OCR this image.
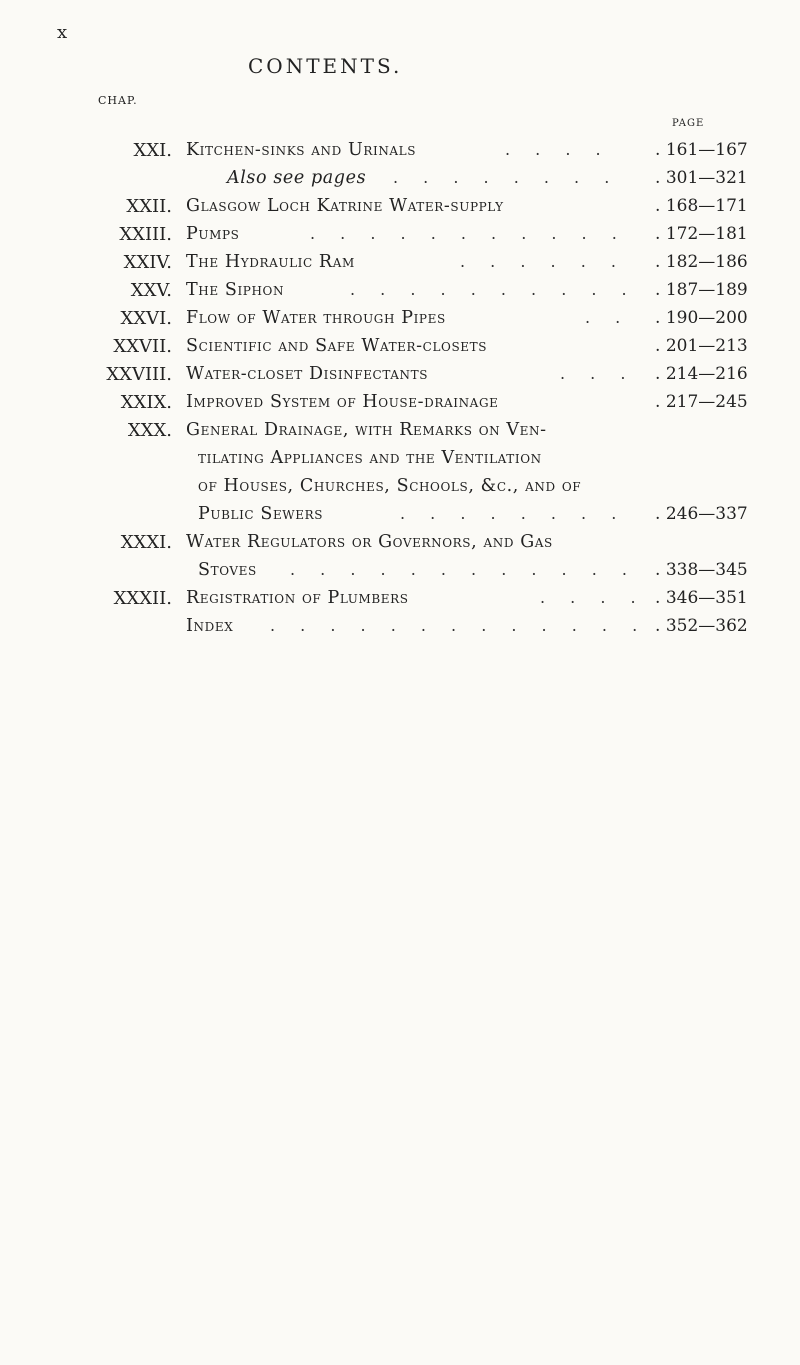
x
CONTENTS.
CHAP.
PAGE
XXI. Kitchen-sinks and Urinals	. . . .	. 161—167
Also see pages . . . . . . . .	. 301—321
XXII. Glasgow Loch Katrine Water-supply	. 168—171
XXIII. Pumps	. . . . . . . . . . .	. 172—181
XXIV. The Hydraulic Ram	. . . . . .	. 182—186
XXV. The Siphon	. . . . . . . . . .	. 187—189
XXVI. Flow of Water through Pipes	. .	. 190—200
XXVII. Scientific and Safe Water-closets	. 201—213
XXVIII. Water-closet Disinfectants	. . .	. 214—216
XXIX. Improved System of House-drainage	. 217—245
XXX. General Drainage, with Remarks on Ven-
tilating Appliances and the Ventilation
of Houses, Churches, Schools, &c., and of
Public Sewers	. . . . . . . .	. 246—337
XXXI. Water Regulators or Governors, and Gas
Stoves . . . . . . . . . . . .	. 338—345
XXXII. Registration of Plumbers	. . . .	. 346—351
Index . . . . . . . . . . . . .	. 352—362
